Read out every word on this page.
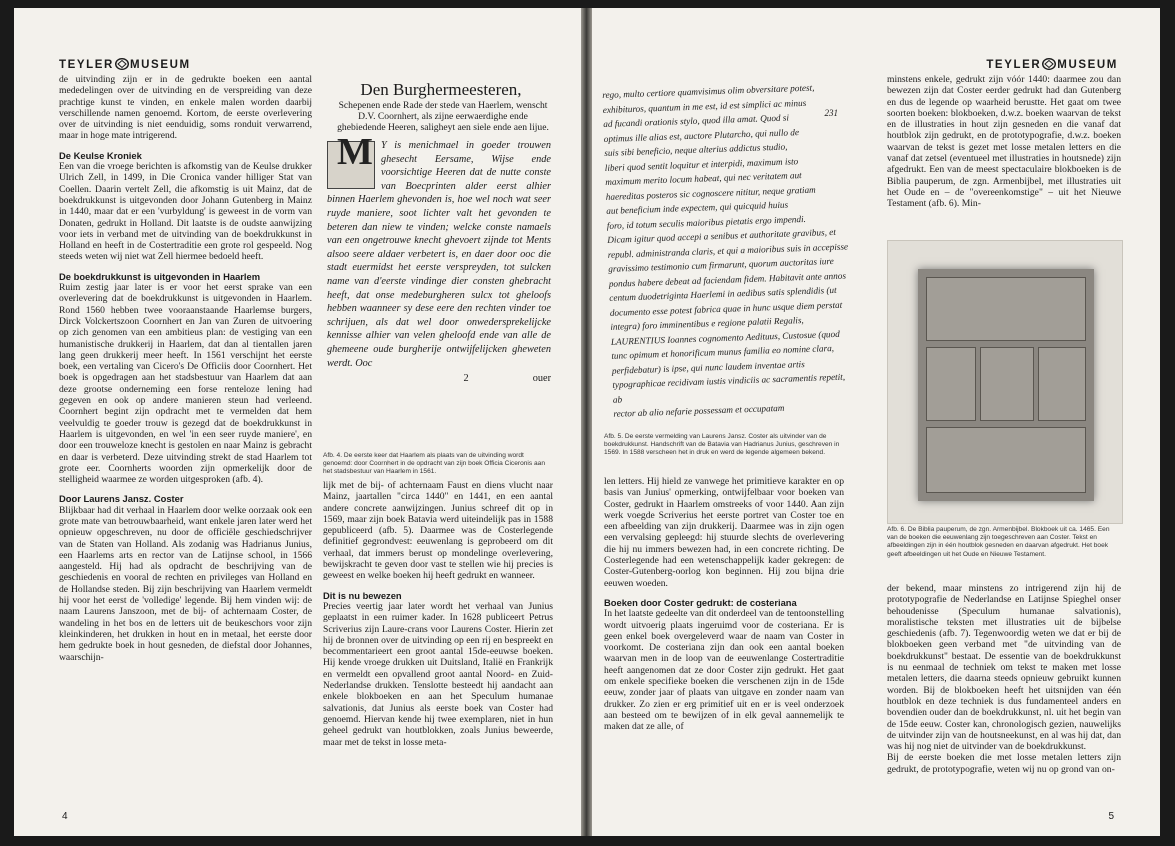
TEYLER MUSEUM

de uitvinding zijn er in de gedrukte boeken een aantal mededelingen over de uitvinding en de verspreiding van deze prachtige kunst te vinden, en enkele malen worden daarbij verschillende namen genoemd. Kortom, de eerste overlevering over de uitvinding is niet eenduidig, soms ronduit verwarrend, maar in hoge mate intrigerend.

De Keulse Kroniek

Een van die vroege berichten is afkomstig van de Keulse drukker Ulrich Zell, in 1499, in Die Cronica vander hilliger Stat van Coellen. Daarin vertelt Zell, die afkomstig is uit Mainz, dat de boekdrukkunst is uitgevonden door Johann Gutenberg in Mainz in 1440, maar dat er een 'vurbyldung' is geweest in de vorm van Donaten, gedrukt in Holland. Dit laatste is de oudste aanwijzing voor iets in verband met de uitvinding van de boekdrukkunst in Holland en heeft in de Costertraditie een grote rol gespeeld. Nog steeds weten wij niet wat Zell hiermee bedoeld heeft.

De boekdrukkunst is uitgevonden in Haarlem

Ruim zestig jaar later is er voor het eerst sprake van een overlevering dat de boekdrukkunst is uitgevonden in Haarlem. Rond 1560 hebben twee vooraanstaande Haarlemse burgers, Dirck Volckertszoon Coornhert en Jan van Zuren de uitvoering op zich genomen van een ambitieus plan: de vestiging van een humanistische drukkerij in Haarlem, dat dan al tientallen jaren lang geen drukkerij meer heeft. In 1561 verschijnt het eerste boek, een vertaling van Cicero's De Officiis door Coornhert. Het boek is opgedragen aan het stadsbestuur van Haarlem dat aan deze grootse onderneming een forse renteloze lening had gegeven en ook op andere manieren steun had verleend. Coornhert begint zijn opdracht met te vermelden dat hem veelvuldig te goeder trouw is gezegd dat de boekdrukkunst in Haarlem is uitgevonden, en wel 'in een seer ruyde maniere', en door een trouweloze knecht is gestolen en naar Mainz is gebracht en daar is verbeterd. Deze uitvinding strekt de stad Haarlem tot grote eer. Coornherts woorden zijn opmerkelijk door de stelligheid waarmee ze worden uitgesproken (afb. 4).

Door Laurens Jansz. Coster

Blijkbaar had dit verhaal in Haarlem door welke oorzaak ook een grote mate van betrouwbaarheid, want enkele jaren later werd het opnieuw opgeschreven, nu door de officiële geschiedschrijver van de Staten van Holland. Als zodanig was Hadrianus Junius, een Haarlems arts en rector van de Latijnse school, in 1566 aangesteld. Hij had als opdracht de beschrijving van de geschiedenis en vooral de rechten en privileges van Holland en de Hollandse steden. Bij zijn beschrijving van Haarlem vermeldt hij voor het eerst de 'volledige' legende. Bij hem vinden wij: de naam Laurens Janszoon, met de bij- of achternaam Coster, de wandeling in het bos en de letters uit de beukeschors voor zijn kleinkinderen, het drukken in hout en in metaal, het eerste door hem gedrukte boek in hout gesneden, de diefstal door Johannes, waarschijn-

Den Burghermeesteren,
Schepenen ende Rade der stede van Haerlem, wenscht D.V. Coornhert, als zijne eerwaerdighe ende ghebiedende Heeren, saligheyt aen siele ende aen lijue.
M Y is menichmael in goeder trouwen ghesecht Eersame, Wijse ende voorsichtige Heeren dat de nutte conste van Boecprinten alder eerst alhier binnen Haerlem ghevonden is, hoe wel noch wat seer ruyde maniere, soot lichter valt het gevonden te beteren dan niew te vinden; welcke conste namaels van een ongetrouwe knecht ghevoert zijnde tot Ments alsoo seere aldaer verbetert is, en daer door ooc die stadt euermidst het eerste verspreyden, tot sulcken name van d'eerste vindinge dier consten ghebracht heeft, dat onse medeburgheren sulcx tot gheloofs hebben waanneer sy dese eere den rechten vinder toe schrijuen, als dat wel door onwedersprekelijcke kennisse alhier van velen gheloofd ende van alle de ghemeene oude burgherije ontwijfelijcken gheweten werdt. Ooc
2	ouer
Afb. 4. De eerste keer dat Haarlem als plaats van de uitvinding wordt genoemd: door Coornhert in de opdracht van zijn boek Officia Ciceronis aan het stadsbestuur van Haarlem in 1561.

lijk met de bij- of achternaam Faust en diens vlucht naar Mainz, jaartallen "circa 1440" en 1441, en een aantal andere concrete aanwijzingen. Junius schreef dit op in 1569, maar zijn boek Batavia werd uiteindelijk pas in 1588 gepubliceerd (afb. 5). Daarmee was de Costerlegende definitief gegrondvest: eeuwenlang is geprobeerd om dit verhaal, dat immers berust op mondelinge overlevering, bewijskracht te geven door vast te stellen wie hij precies is geweest en welke boeken hij heeft gedrukt en wanneer.

Dit is nu bewezen

Precies veertig jaar later wordt het verhaal van Junius geplaatst in een ruimer kader. In 1628 publiceert Petrus Scriverius zijn Laure-crans voor Laurens Coster. Hierin zet hij de bronnen over de uitvinding op een rij en bespreekt en becommentarieert een groot aantal 15de-eeuwse boeken. Hij kende vroege drukken uit Duitsland, Italië en Frankrijk en vermeldt een opvallend groot aantal Noord- en Zuid-Nederlandse drukken. Tenslotte besteedt hij aandacht aan enkele blokboeken en aan het Speculum humanae salvationis, dat Junius als eerste boek van Coster had genoemd. Hiervan kende hij twee exemplaren, niet in hun geheel gedrukt van houtblokken, zoals Junius beweerde, maar met de tekst in losse meta-

4
TEYLER MUSEUM
rego, multo certiore quamvisimus olim obversitare potest,
exhibituros, quantum in me est, id est simplici ac minus
ad fucandi orationis stylo, quod illa amat. Quod si
optimus ille alias est, auctore Plutarcho, qui nullo de
suis sibi beneficio, neque alterius addictus studio,
liberi quod sentit loquitur et interpidi, maximum isto
maximum merito locum habeat, qui nec veritatem aut
haereditas posteros sic cognoscere nititur, neque gratiam
aut beneficium inde expectem, qui quicquid huius
foro, id totum seculis maioribus pietatis ergo impendi.
Dicam igitur quod accepi a senibus et authoritate gravibus, et republ. administranda claris, et qui a maioribus suis in accepisse gravissimo testimonio cum firmarunt, quorum auctoritas iure pondus habere debeat ad faciendam fidem. Habitavit ante annos centum duodetriginta Haerlemi in aedibus satis splendidis (ut documento esse potest fabrica quae in hunc usque diem perstat integra) foro imminentibus e regione palatii Regalis, LAURENTIUS Ioannes cognomento Aedituus, Custosue (quod tunc opimum et honorificum munus familia eo nomine clara, perfidebatur) is ipse, qui nunc laudem inventae artis typographicae recidivam iustis vindiciis ac sacramentis repetit, ab
rector ab alio nefarie possessam et occupatam
231
Afb. 5. De eerste vermelding van Laurens Jansz. Coster als uitvinder van de boekdrukkunst. Handschrift van de Batavia van Hadrianus Junius, geschreven in 1569. In 1588 verscheen het in druk en werd de legende algemeen bekend.

len letters. Hij hield ze vanwege het primitieve karakter en op basis van Junius' opmerking, ontwijfelbaar voor boeken van Coster, gedrukt in Haarlem omstreeks of voor 1440. Aan zijn werk voegde Scriverius het eerste portret van Coster toe en een afbeelding van zijn drukkerij. Daarmee was in zijn ogen een vervalsing gepleegd: hij stuurde slechts de overlevering die hij nu immers bewezen had, in een concrete richting. De Costerlegende had een wetenschappelijk kader gekregen: de Coster-Gutenberg-oorlog kon beginnen. Hij zou bijna drie eeuwen woeden.

Boeken door Coster gedrukt: de costeriana

In het laatste gedeelte van dit onderdeel van de tentoonstelling wordt uitvoerig plaats ingeruimd voor de costeriana. Er is geen enkel boek overgeleverd waar de naam van Coster in voorkomt. De costeriana zijn dan ook een aantal boeken waarvan men in de loop van de eeuwenlange Costertraditie heeft aangenomen dat ze door Coster zijn gedrukt. Het gaat om enkele specifieke boeken die verschenen zijn in de 15de eeuw, zonder jaar of plaats van uitgave en zonder naam van drukker. Zo zien er erg primitief uit en er is veel onderzoek aan besteed om te bewijzen of in elk geval aannemelijk te maken dat ze alle, of

minstens enkele, gedrukt zijn vóór 1440: daarmee zou dan bewezen zijn dat Coster eerder gedrukt had dan Gutenberg en dus de legende op waarheid berustte. Het gaat om twee soorten boeken: blokboeken, d.w.z. boeken waarvan de tekst en de illustraties in hout zijn gesneden en die vanaf dat houtblok zijn gedrukt, en de prototypografie, d.w.z. boeken waarvan de tekst is gezet met losse metalen letters en die vanaf dat zetsel (eventueel met illustraties in houtsnede) zijn afgedrukt. Een van de meest spectaculaire blokboeken is de Biblia pauperum, de zgn. Armenbijbel, met illustraties uit het Oude en – de "overeenkomstige" – uit het Nieuwe Testament (afb. 6). Min-

Afb. 6. De Biblia pauperum, de zgn. Armenbijbel. Blokboek uit ca. 1465. Een van de boeken die eeuwenlang zijn toegeschreven aan Coster. Tekst en afbeeldingen zijn in één houtblok gesneden en daarvan afgedrukt. Het boek geeft afbeeldingen uit het Oude en Nieuwe Testament.

der bekend, maar minstens zo intrigerend zijn hij de prototypografie de Nederlandse en Latijnse Spieghel onser behoudenisse (Speculum humanae salvationis), moralistische teksten met illustraties uit de bijbelse geschiedenis (afb. 7). Tegenwoordig weten we dat er bij de blokboeken geen verband met "de uitvinding van de boekdrukkunst" bestaat. De essentie van de boekdrukkunst is nu eenmaal de techniek om tekst te maken met losse metalen letters, die daarna steeds opnieuw gebruikt kunnen worden. Bij de blokboeken heeft het uitsnijden van één houtblok en deze techniek is dus fundamenteel anders en bovendien ouder dan de boekdrukkunst, nl. uit het begin van de 15de eeuw. Coster kan, chronologisch gezien, nauwelijks de uitvinder zijn van de houtsneekunst, en al was hij dat, dan was hij nog niet de uitvinder van de boekdrukkunst.

Bij de eerste boeken die met losse metalen letters zijn gedrukt, de prototypografie, weten wij nu op grond van on-

5
